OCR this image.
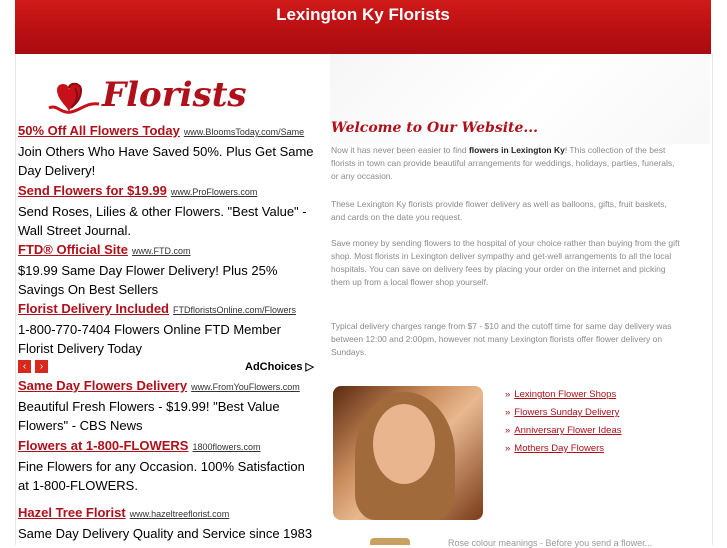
Lexington Ky Florists
Florists
50% Off All Flowers Today www.BloomsToday.com/Same
Join Others Who Have Saved 50%. Plus Get Same Day Delivery!
Send Flowers for $19.99 www.ProFlowers.com
Send Roses, Lilies & other Flowers. "Best Value" - Wall Street Journal.
FTD® Official Site www.FTD.com
$19.99 Same Day Flower Delivery! Plus 25% Savings On Best Sellers
Florist Delivery Included FTDfloristsOnline.com/Flowers
1-800-770-7404 Flowers Online FTD Member Florist Delivery Today
‹	›	AdChoices ▷
Same Day Flowers Delivery www.FromYouFlowers.com
Beautiful Fresh Flowers - $19.99! "Best Value Flowers" - CBS News
Flowers at 1-800-FLOWERS 1800flowers.com
Fine Flowers for any Occasion. 100% Satisfaction at 1-800-FLOWERS.
Hazel Tree Florist www.hazeltreeflorist.com
Same Day Delivery Quality and Service since 1983
Welcome to Our Website...
Now it has never been easier to find flowers in Lexington Ky! This collection of the best florists in town can provide beautiful arrangements for weddings, holidays, parties, funerals, or any occasion.
These Lexington Ky florists provide flower delivery as well as balloons, gifts, fruit baskets, and cards on the date you request.
Save money by sending flowers to the hospital of your choice rather than buying from the gift shop. Most florists in Lexington deliver sympathy and get-well arrangements to all the local hospitals. You can save on delivery fees by placing your order on the internet and picking them up from a local flower shop yourself.
Typical delivery charges range from $7 - $10 and the cutoff time for same day delivery was between 12:00 and 2:00pm, however not many Lexington florists offer flower delivery on Sundays.
» Lexington Flower Shops
» Flowers Sunday Delivery
» Anniversary Flower Ideas
» Mothers Day Flowers
Rose colour meanings - Before you send a flower...
